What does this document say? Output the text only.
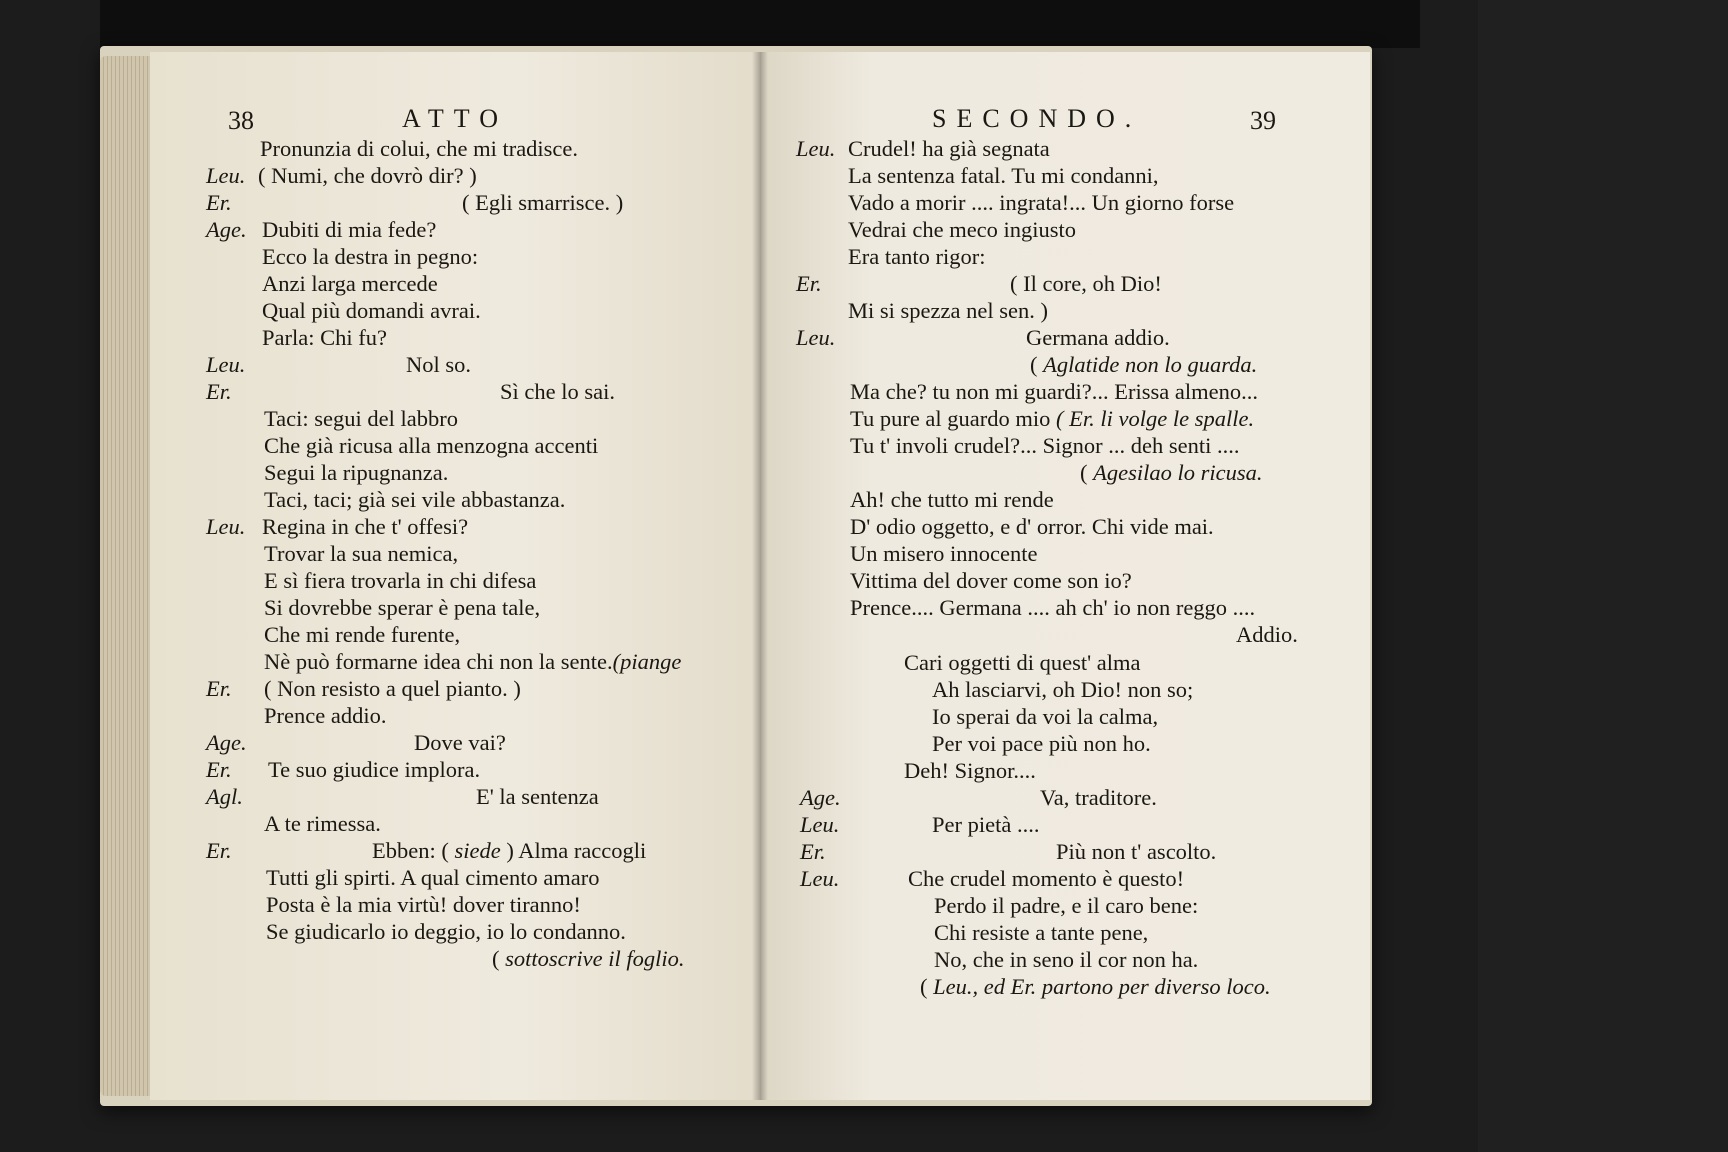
38	ATTO	SECONDO.	39
Pronunzia di colui, che mi tradisce.
Leu. ( Numi, che dovrò dir? )
Er.	( Egli smarrisce. )
Age. Dubiti di mia fede?
Ecco la destra in pegno:
Anzi larga mercede
Qual più domandi avrai.
Parla: Chi fu?
Leu.	Nol so.
Er.	Sì che lo sai.
Taci: segui del labbro
Che già ricusa alla menzogna accenti
Segui la ripugnanza.
Taci, taci; già sei vile abbastanza.
Leu. Regina in che t' offesi?
Trovar la sua nemica,
E sì fiera trovarla in chi difesa
Si dovrebbe sperar è pena tale,
Che mi rende furente,
Nè può formarne idea chi non la sente.(piange
Er. ( Non resisto a quel pianto. )
Prence addio.
Age.	Dove vai?
Er. Te suo giudice implora.
Agl.	E' la sentenza
A te rimessa.
Er.	Ebben: ( siede ) Alma raccogli
Tutti gli spirti. A qual cimento amaro
Posta è la mia virtù! dover tiranno!
Se giudicarlo io deggio, io lo condanno.
( sottoscrive il foglio.
Leu. Crudel! ha già segnata
La sentenza fatal. Tu mi condanni,
Vado a morir .... ingrata!... Un giorno forse
Vedrai che meco ingiusto
Era tanto rigor:
Er.	( Il core, oh Dio!
Mi si spezza nel sen. )
Leu.	Germana addio.
( Aglatide non lo guarda.
Ma che? tu non mi guardi?... Erissa almeno...
Tu pure al guardo mio ( Er. li volge le spalle.
Tu t' involi crudel?... Signor ... deh senti ....
( Agesilao lo ricusa.
Ah! che tutto mi rende
D' odio oggetto, e d' orror. Chi vide mai.
Un misero innocente
Vittima del dover come son io?
Prence.... Germana .... ah ch' io non reggo ....
Addio.
Cari oggetti di quest' alma
Ah lasciarvi, oh Dio! non so;
Io sperai da voi la calma,
Per voi pace più non ho.
Deh! Signor....
Age.	Va, traditore.
Leu.	Per pietà ....
Er.	Più non t' ascolto.
Leu.	Che crudel momento è questo!
Perdo il padre, e il caro bene:
Chi resiste a tante pene,
No, che in seno il cor non ha.
( Leu., ed Er. partono per diverso loco.
